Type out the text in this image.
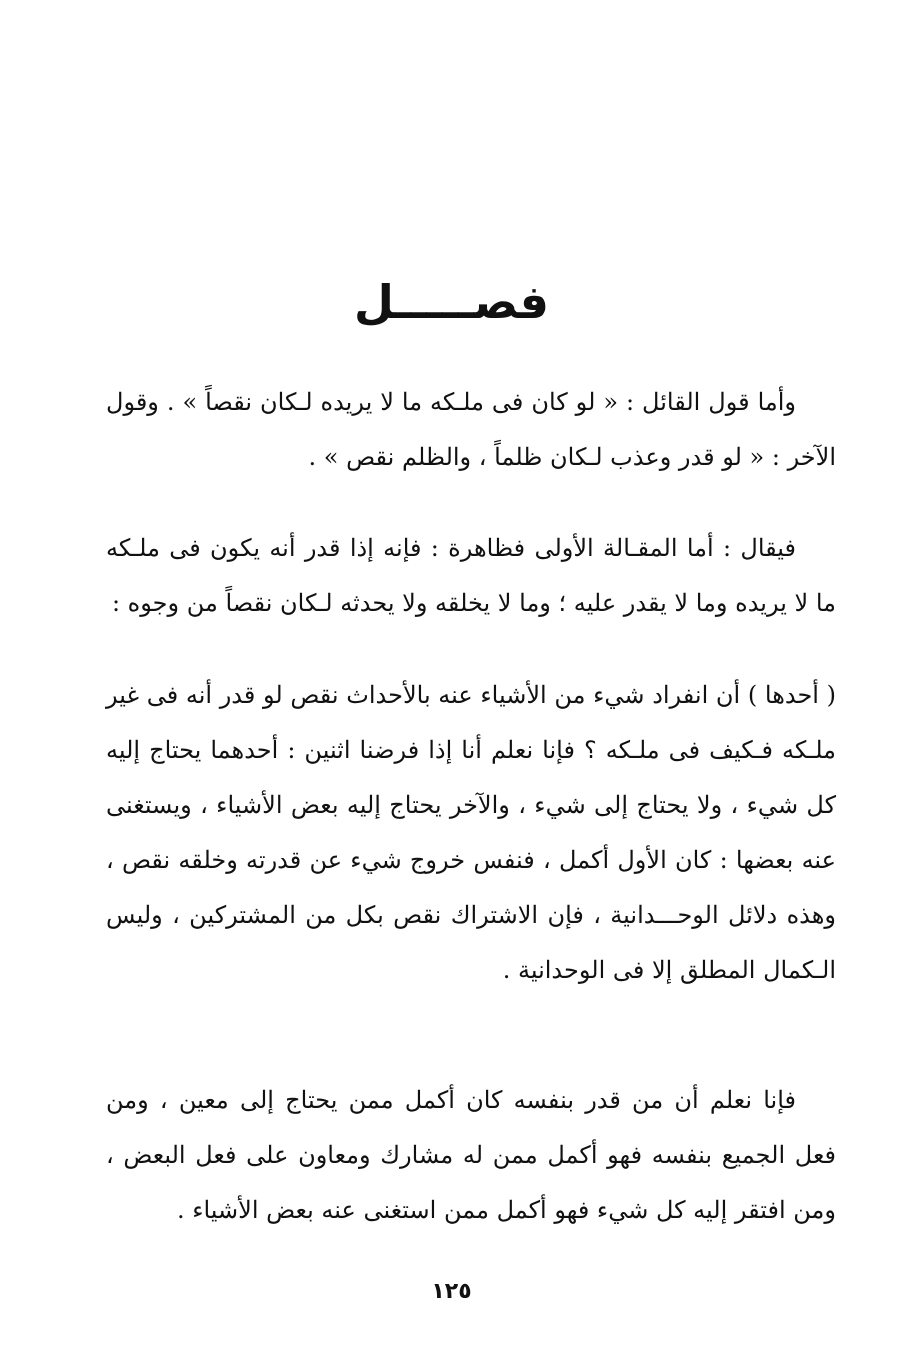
فصـــــل
وأما قول القائل : « لو كان فى ملـكه ما لا يريده لـكان نقصاً » . وقول الآخر : « لو قدر وعذب لـكان ظلماً ، والظلم نقص » .
فيقال : أما المقـالة الأولى فظاهرة : فإنه إذا قدر أنه يكون فى ملـكه ما لا يريده وما لا يقدر عليه ؛ وما لا يخلقه ولا يحدثه لـكان نقصاً من وجوه :
( أحدها ) أن انفراد شيء من الأشياء عنه بالأحداث نقص لو قدر أنه فى غير ملـكه فـكيف فى ملـكه ؟ فإنا نعلم أنا إذا فرضنا اثنين : أحدهما يحتاج إليه كل شيء ، ولا يحتاج إلى شيء ، والآخر يحتاج إليه بعض الأشياء ، ويستغنى عنه بعضها : كان الأول أكمل ، فنفس خروج شيء عن قدرته وخلقه نقص ، وهذه دلائل الوحـــدانية ، فإن الاشتراك نقص بكل من المشتركين ، وليس الـكمال المطلق إلا فى الوحدانية .
فإنا نعلم أن من قدر بنفسه كان أكمل ممن يحتاج إلى معين ، ومن فعل الجميع بنفسه فهو أكمل ممن له مشارك ومعاون على فعل البعض ، ومن افتقر إليه كل شيء فهو أكمل ممن استغنى عنه بعض الأشياء .
١٢٥
